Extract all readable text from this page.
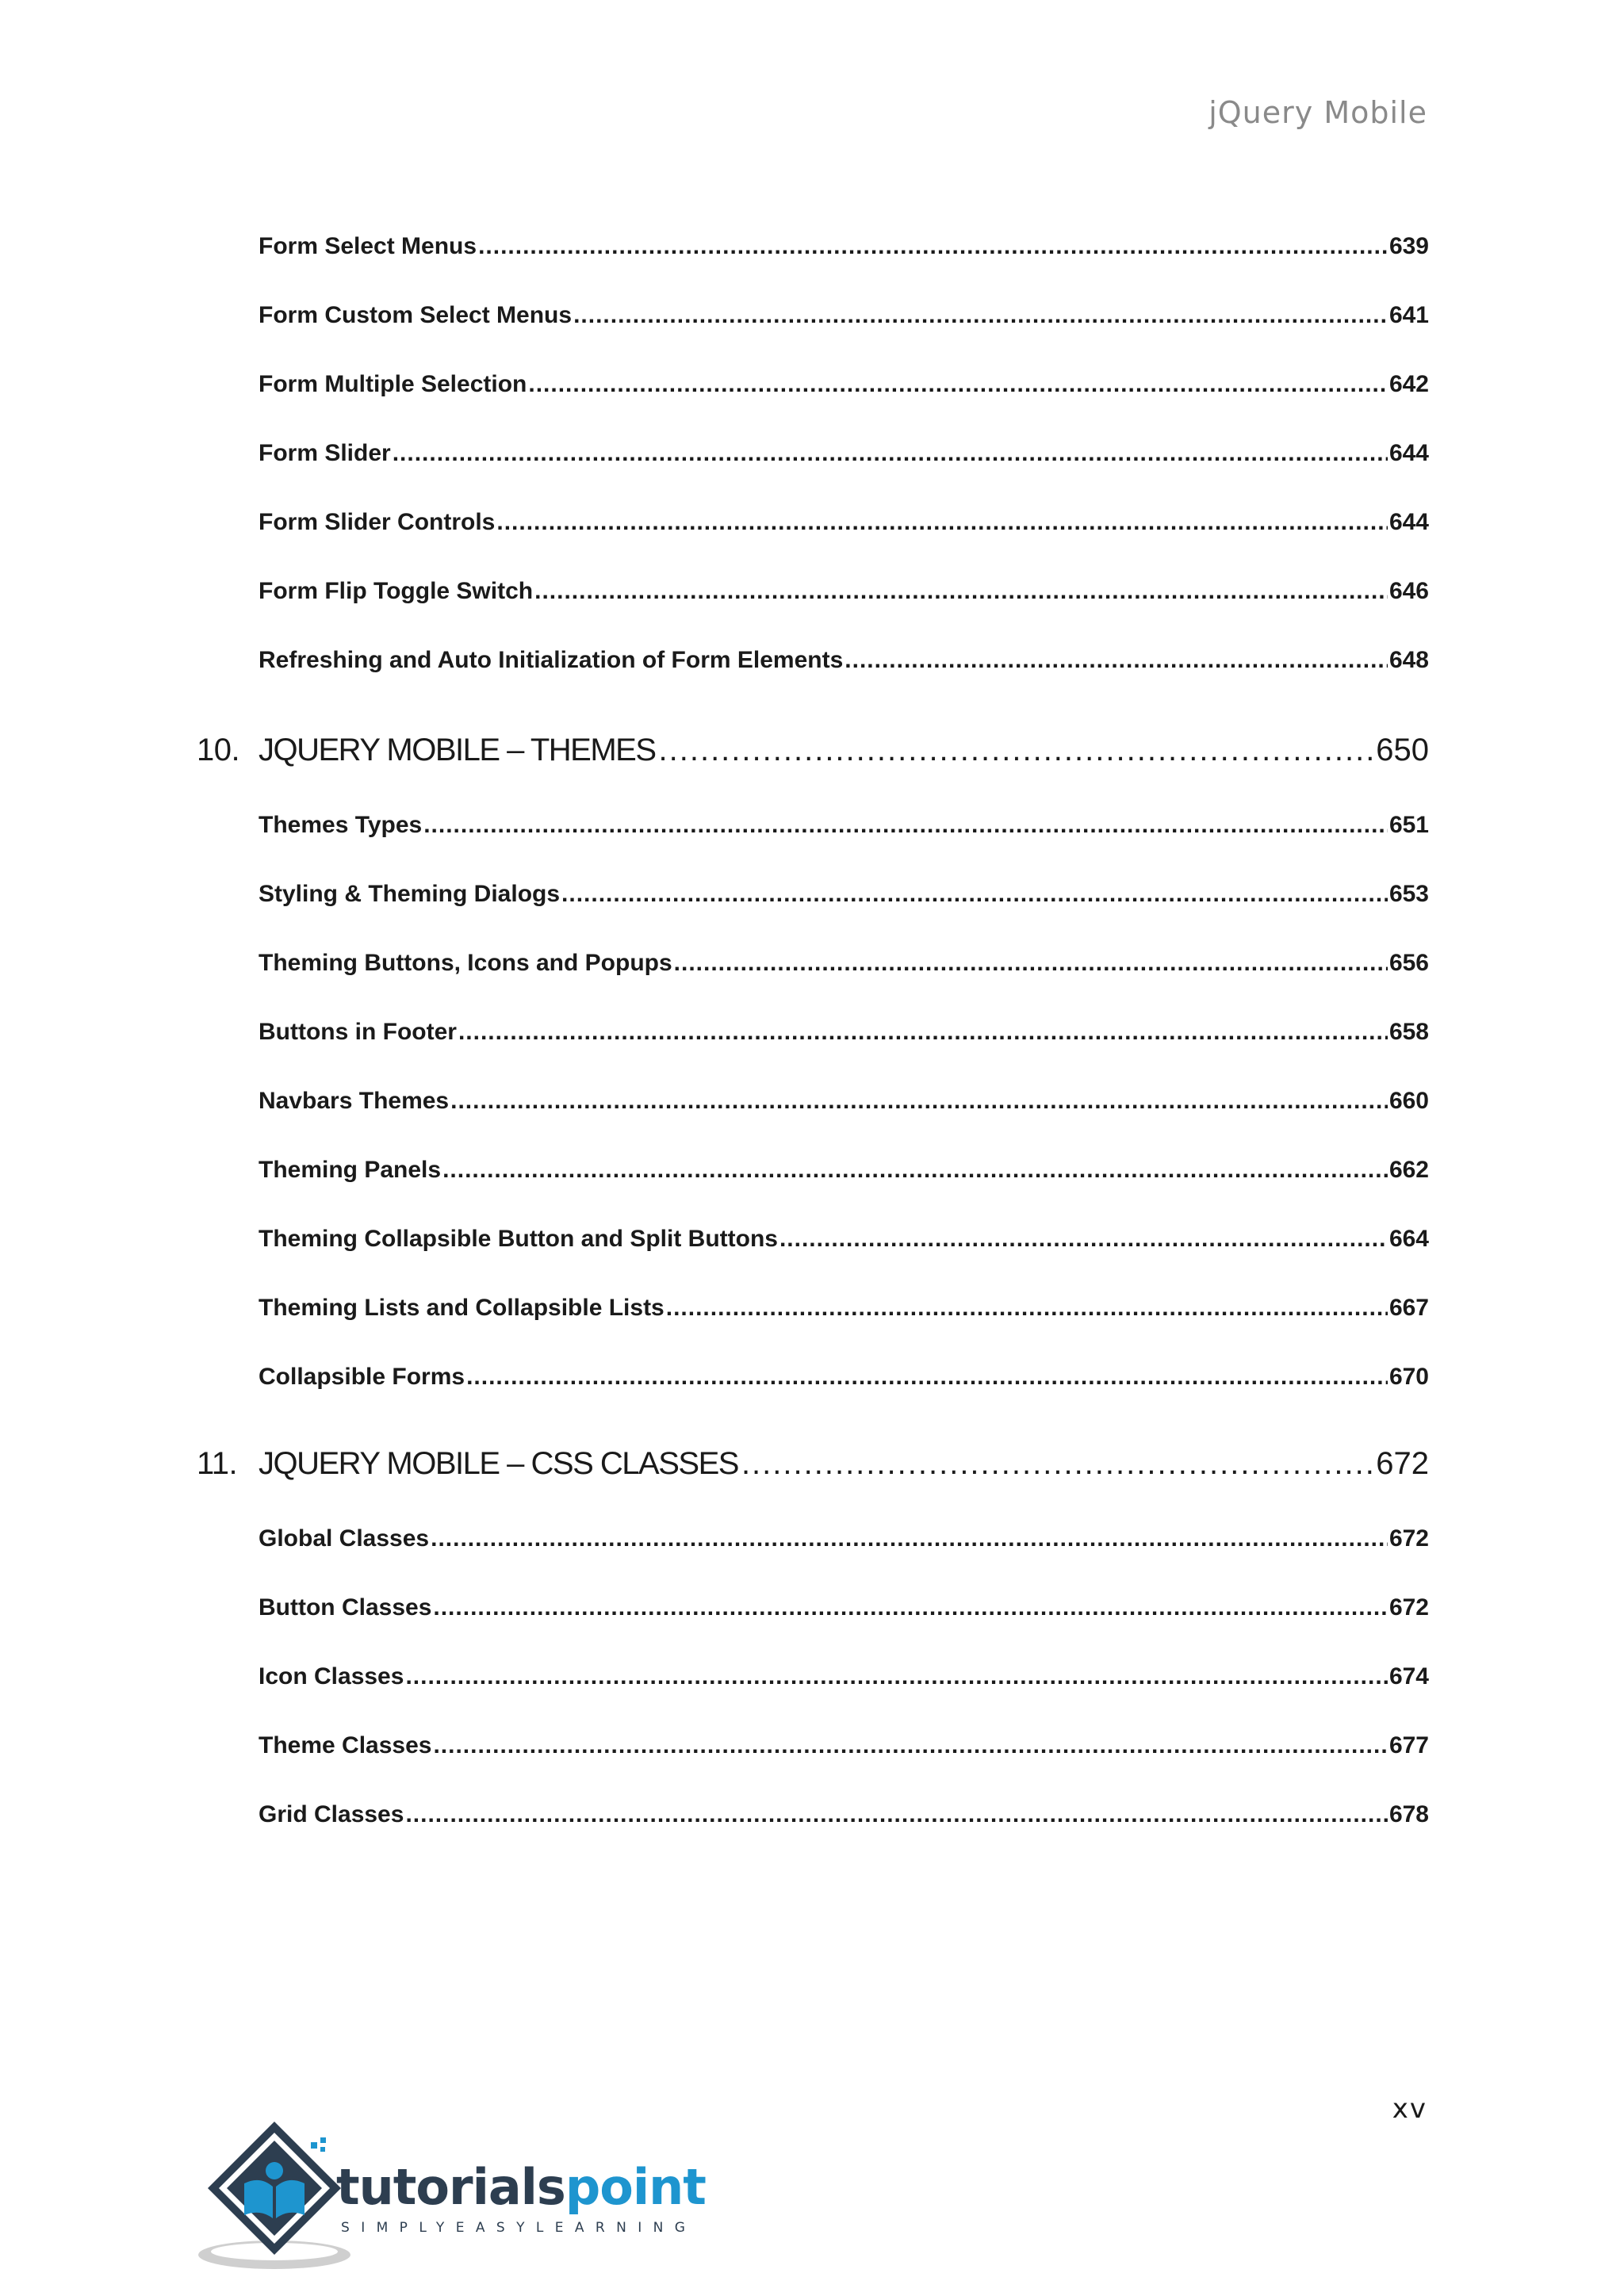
jQuery Mobile
Form Select Menus .....	639
Form Custom Select Menus .....	641
Form Multiple Selection .....	642
Form Slider .....	644
Form Slider Controls .....	644
Form Flip Toggle Switch .....	646
Refreshing and Auto Initialization of Form Elements .....	648
10. JQUERY MOBILE – THEMES .....	650
Themes Types .....	651
Styling & Theming Dialogs .....	653
Theming Buttons, Icons and Popups .....	656
Buttons in Footer .....	658
Navbars Themes .....	660
Theming Panels .....	662
Theming Collapsible Button and Split Buttons .....	664
Theming Lists and Collapsible Lists .....	667
Collapsible Forms .....	670
11. JQUERY MOBILE – CSS CLASSES .....	672
Global Classes .....	672
Button Classes .....	672
Icon Classes .....	674
Theme Classes .....	677
Grid Classes .....	678
xv
tutorialspoint
SIMPLYEASYLEARNING
